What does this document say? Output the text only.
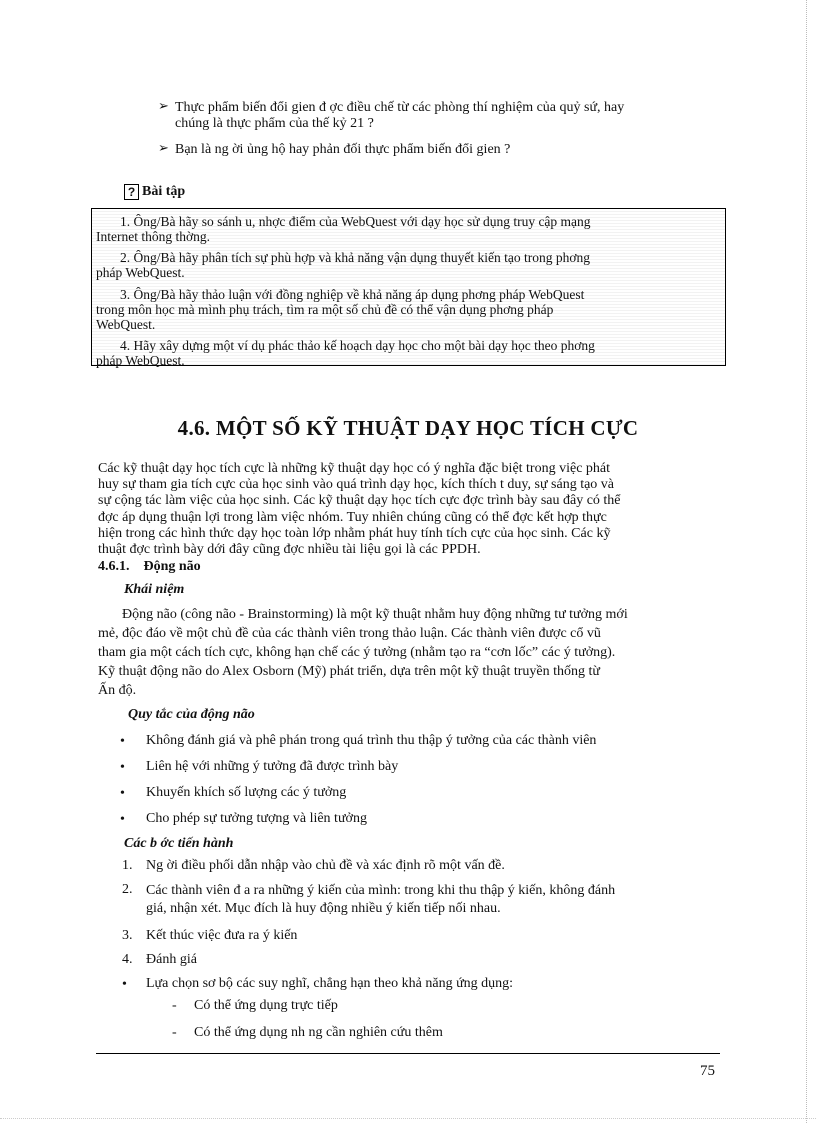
➢ Thực phẩm biến đổi gien đ ợc điều chế từ các phòng thí nghiệm của quỷ sứ, hay
chúng là thực phẩm của thế kỷ 21 ?
➢ Bạn là ng ời ủng hộ hay phản đối thực phẩm biến đổi gien ?
? Bài tập
1. Ông/Bà hãy so sánh u, nhợc điểm của WebQuest với dạy học sử dụng truy cập mạng
Internet thông thờng.
2. Ông/Bà hãy phân tích sự phù hợp và khả năng vận dụng thuyết kiến tạo trong phơng
pháp WebQuest.
3. Ông/Bà hãy thảo luận với đồng nghiệp về khả năng áp dụng phơng pháp WebQuest
trong môn học mà mình phụ trách, tìm ra một số chủ đề có thể vận dụng phơng pháp
WebQuest.
4. Hãy xây dựng một ví dụ phác thảo kế hoạch dạy học cho một bài dạy học theo phơng
pháp WebQuest.
4.6. MỘT SỐ KỸ THUẬT DẠY HỌC TÍCH CỰC
Các kỹ thuật dạy học tích cực là những kỹ thuật dạy học có ý nghĩa đặc biệt trong việc phát
huy sự tham gia tích cực của học sinh vào quá trình dạy học, kích thích t duy, sự sáng tạo và
sự cộng tác làm việc của học sinh. Các kỹ thuật dạy học tích cực đợc trình bày sau đây có thể
đợc áp dụng thuận lợi trong làm việc nhóm. Tuy nhiên chúng cũng có thể đợc kết hợp thực
hiện trong các hình thức dạy học toàn lớp nhằm phát huy tính tích cực của học sinh. Các kỹ
thuật đợc trình bày dới đây cũng đợc nhiều tài liệu gọi là các PPDH.
4.6.1. Động não
Khái niệm
Động não (công não - Brainstorming) là một kỹ thuật nhằm huy động những tư tưởng mới
mẻ, độc đáo về một chủ đề của các thành viên trong thảo luận. Các thành viên được cổ vũ
tham gia một cách tích cực, không hạn chế các ý tưởng (nhằm tạo ra “cơn lốc” các ý tưởng).
Kỹ thuật động não do Alex Osborn (Mỹ) phát triển, dựa trên một kỹ thuật truyền thống từ
Ấn độ.
Quy tắc của động não
• Không đánh giá và phê phán trong quá trình thu thập ý tưởng của các thành viên
• Liên hệ với những ý tưởng đã được trình bày
• Khuyến khích số lượng các ý tưởng
• Cho phép sự tưởng tượng và liên tưởng
Các b ớc tiến hành
1. Ng ời điều phối dẫn nhập vào chủ đề và xác định rõ một vấn đề.
2. Các thành viên đ a ra những ý kiến của mình: trong khi thu thập ý kiến, không đánh
giá, nhận xét. Mục đích là huy động nhiều ý kiến tiếp nối nhau.
3. Kết thúc việc đưa ra ý kiến
4. Đánh giá
• Lựa chọn sơ bộ các suy nghĩ, chẳng hạn theo khả năng ứng dụng:
- Có thể ứng dụng trực tiếp
- Có thể ứng dụng nh ng cần nghiên cứu thêm
75
